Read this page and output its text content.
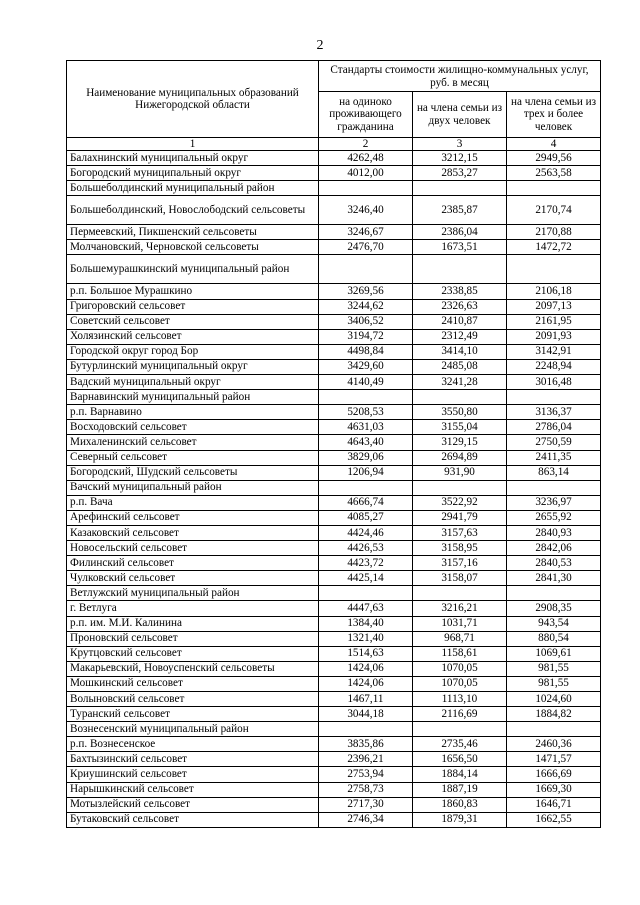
2
Наименование муниципальных образований Нижегородской области	Стандарты стоимости жилищно-коммунальных услуг, руб. в месяц		
	на одиноко проживающего гражданина	на члена семьи из двух человек	на члена семьи из трех и более человек
1	2	3	4
Балахнинский муниципальный округ	4262,48	3212,15	2949,56
Богородский муниципальный округ	4012,00	2853,27	2563,58
Большеболдинский муниципальный район			
Большеболдинский, Новослободский сельсоветы	3246,40	2385,87	2170,74
Пермеевский, Пикшенский сельсоветы	3246,67	2386,04	2170,88
Молчановский, Черновской сельсоветы	2476,70	1673,51	1472,72
Большемурашкинский муниципальный район			
р.п. Большое Мурашкино	3269,56	2338,85	2106,18
Григоровский сельсовет	3244,62	2326,63	2097,13
Советский сельсовет	3406,52	2410,87	2161,95
Холязинский сельсовет	3194,72	2312,49	2091,93
Городской округ город Бор	4498,84	3414,10	3142,91
Бутурлинский муниципальный округ	3429,60	2485,08	2248,94
Вадский муниципальный округ	4140,49	3241,28	3016,48
Варнавинский муниципальный район			
р.п. Варнавино	5208,53	3550,80	3136,37
Восходовский сельсовет	4631,03	3155,04	2786,04
Михаленинский сельсовет	4643,40	3129,15	2750,59
Северный сельсовет	3829,06	2694,89	2411,35
Богородский, Шудский сельсоветы	1206,94	931,90	863,14
Вачский муниципальный район			
р.п. Вача	4666,74	3522,92	3236,97
Арефинский сельсовет	4085,27	2941,79	2655,92
Казаковский сельсовет	4424,46	3157,63	2840,93
Новосельский сельсовет	4426,53	3158,95	2842,06
Филинский сельсовет	4423,72	3157,16	2840,53
Чулковский сельсовет	4425,14	3158,07	2841,30
Ветлужский муниципальный район			
г. Ветлуга	4447,63	3216,21	2908,35
р.п. им. М.И. Калинина	1384,40	1031,71	943,54
Проновский сельсовет	1321,40	968,71	880,54
Крутцовский сельсовет	1514,63	1158,61	1069,61
Макарьевский, Новоуспенский сельсоветы	1424,06	1070,05	981,55
Мошкинский сельсовет	1424,06	1070,05	981,55
Волыновский сельсовет	1467,11	1113,10	1024,60
Туранский сельсовет	3044,18	2116,69	1884,82
Вознесенский муниципальный район			
р.п. Вознесенское	3835,86	2735,46	2460,36
Бахтызинский сельсовет	2396,21	1656,50	1471,57
Криушинский сельсовет	2753,94	1884,14	1666,69
Нарышкинский сельсовет	2758,73	1887,19	1669,30
Мотызлейский сельсовет	2717,30	1860,83	1646,71
Бутаковский сельсовет	2746,34	1879,31	1662,55
